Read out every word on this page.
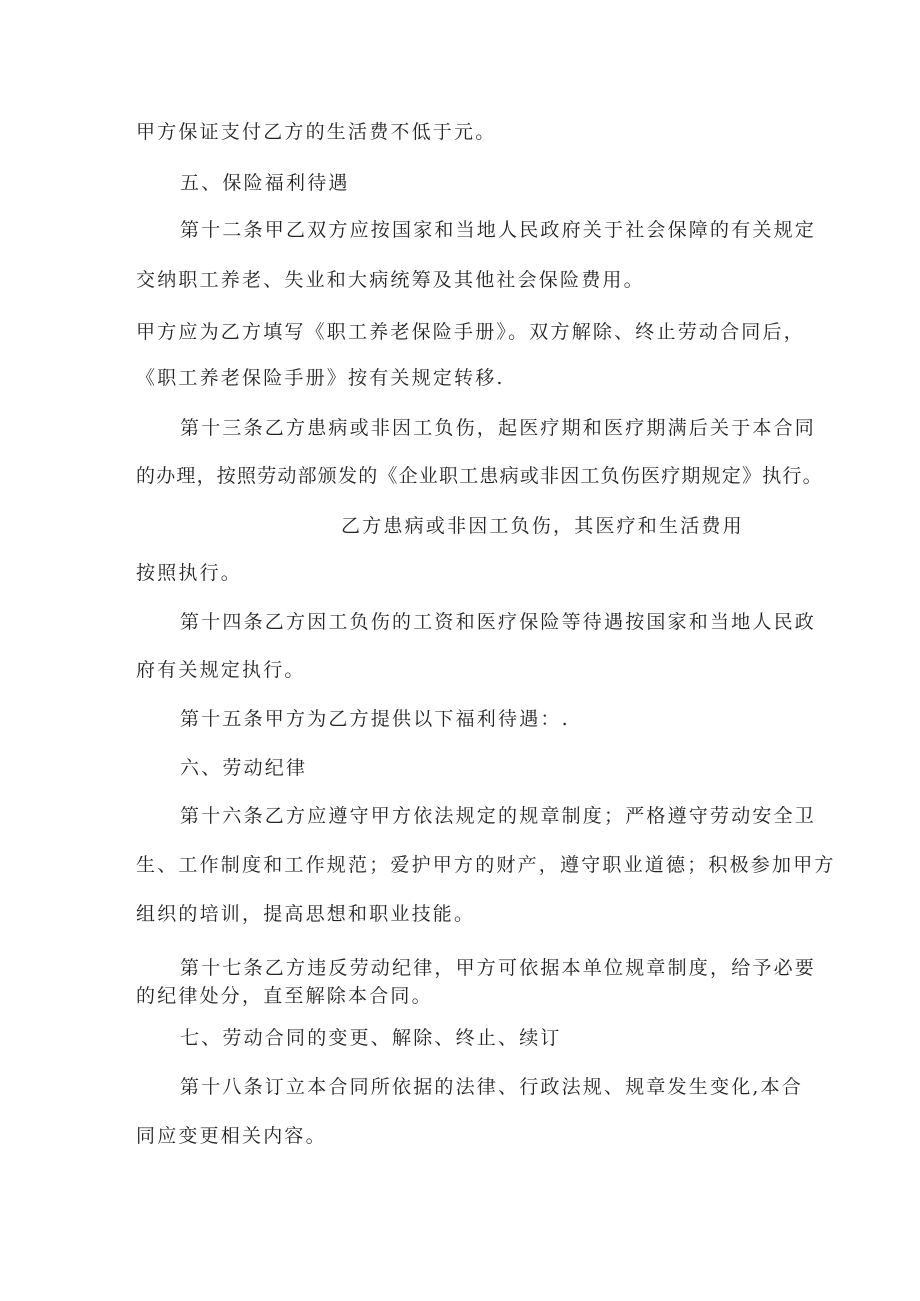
甲方保证支付乙方的生活费不低于元。
五、保险福利待遇
第十二条甲乙双方应按国家和当地人民政府关于社会保障的有关规定
交纳职工养老、失业和大病统筹及其他社会保险费用。
甲方应为乙方填写《职工养老保险手册》。双方解除、终止劳动合同后，
《职工养老保险手册》按有关规定转移.
第十三条乙方患病或非因工负伤，起医疗期和医疗期满后关于本合同
的办理，按照劳动部颁发的《企业职工患病或非因工负伤医疗期规定》执行。
乙方患病或非因工负伤，其医疗和生活费用
按照执行。
第十四条乙方因工负伤的工资和医疗保险等待遇按国家和当地人民政
府有关规定执行。
第十五条甲方为乙方提供以下福利待遇：.
六、劳动纪律
第十六条乙方应遵守甲方依法规定的规章制度；严格遵守劳动安全卫
生、工作制度和工作规范；爱护甲方的财产，遵守职业道德；积极参加甲方
组织的培训，提高思想和职业技能。
第十七条乙方违反劳动纪律，甲方可依据本单位规章制度，给予必要
的纪律处分，直至解除本合同。
七、劳动合同的变更、解除、终止、续订
第十八条订立本合同所依据的法律、行政法规、规章发生变化,本合
同应变更相关内容。
